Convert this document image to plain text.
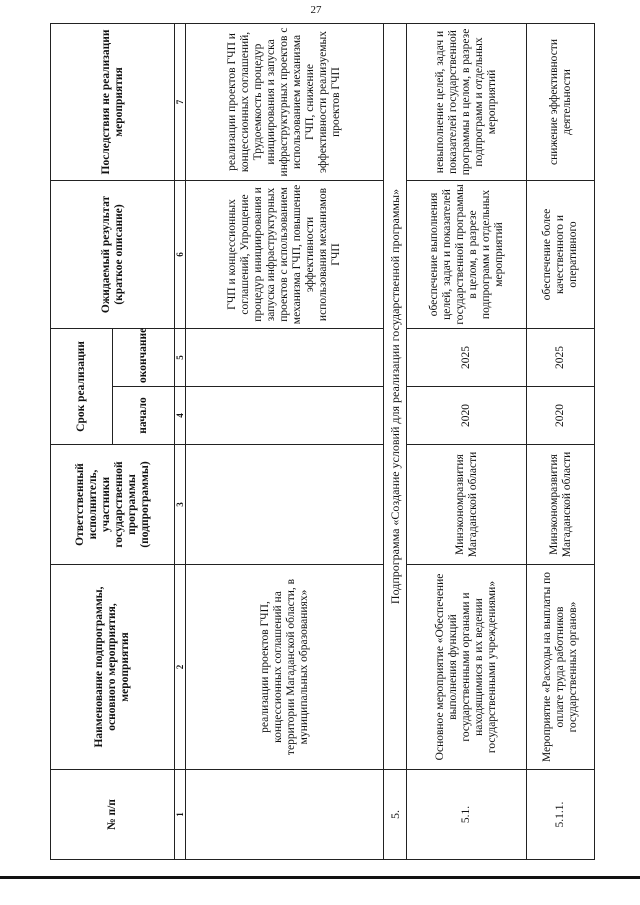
27
№ п/п	Наименование подпрограммы, основного мероприятия, мероприятия	Ответственный исполнитель, участники государственной программы (подпрограммы)	Срок реализации		Ожидаемый результат (краткое описание)	Последствия не реализации мероприятия
			начало	окончание		
1	2	3	4	5	6	7
	реализации проектов ГЧП, концессионных соглашений на территории Магаданской области, в муниципальных образованиях»				ГЧП и концессионных соглашений, Упрощение процедур инициирования и запуска инфраструктурных проектов с использованием механизма ГЧП, повышение эффективности использования механизмов ГЧП	реализации проектов ГЧП и концессионных соглашений, Трудоемкость процедур инициирования и запуска инфраструктурных проектов с использованием механизма ГЧП, снижение эффективности реализуемых проектов ГЧП
5.	Подпрограмма «Создание условий для реализации государственной программы»					
5.1.	Основное мероприятие «Обеспечение выполнения функций государственными органами и находящимися в их ведении государственными учреждениями»	Минэкономразвития Магаданской области	2020	2025	обеспечение выполнения целей, задач и показателей государственной программы в целом, в разрезе подпрограмм и отдельных мероприятий	невыполнение целей, задач и показателей государственной программы в целом, в разрезе подпрограмм и отдельных мероприятий
5.1.1.	Мероприятие «Расходы на выплаты по оплате труда работников государственных органов»	Минэкономразвития Магаданской области	2020	2025	обеспечение более качественного и оперативного	снижение эффективности деятельности
